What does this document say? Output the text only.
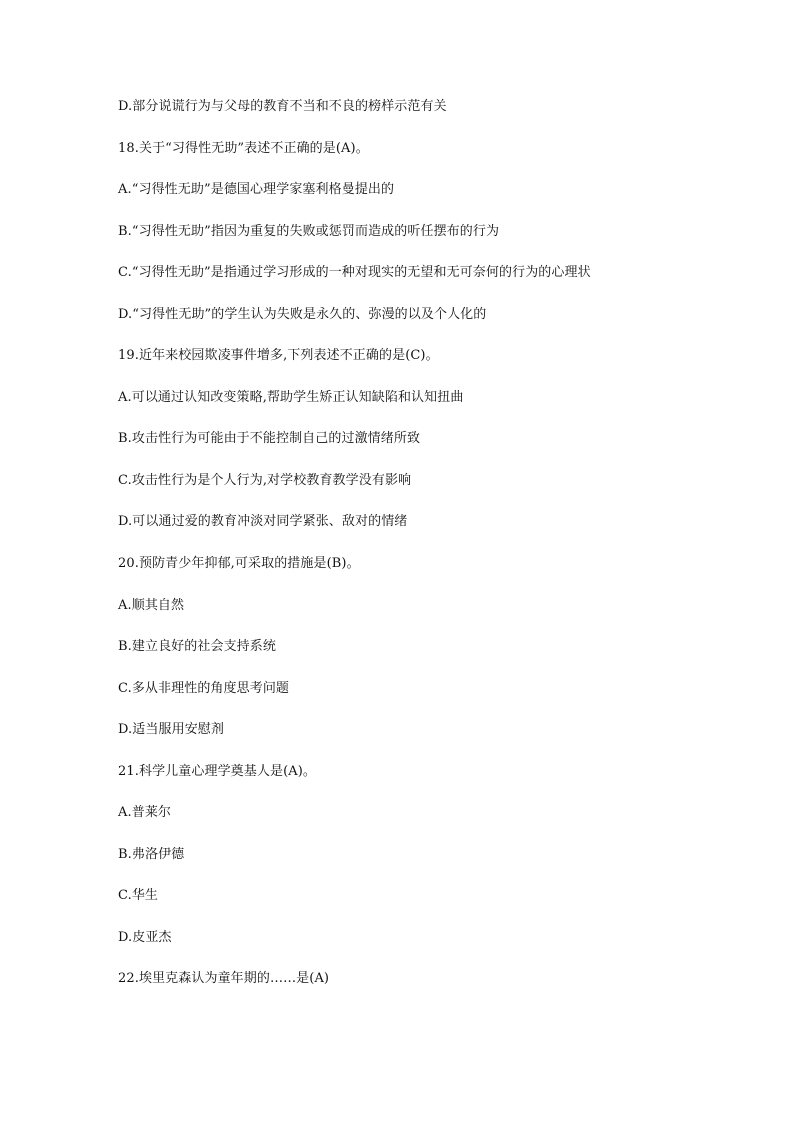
D.部分说谎行为与父母的教育不当和不良的榜样示范有关
18.关于“习得性无助”表述不正确的是(A)。
A.“习得性无助”是德国心理学家塞利格曼提出的
B.“习得性无助”指因为重复的失败或惩罚而造成的听任摆布的行为
C.“习得性无助”是指通过学习形成的一种对现实的无望和无可奈何的行为的心理状
D.“习得性无助”的学生认为失败是永久的、弥漫的以及个人化的
19.近年来校园欺凌事件增多,下列表述不正确的是(C)。
A.可以通过认知改变策略,帮助学生矫正认知缺陷和认知扭曲
B.攻击性行为可能由于不能控制自己的过激情绪所致
C.攻击性行为是个人行为,对学校教育教学没有影响
D.可以通过爱的教育冲淡对同学紧张、敌对的情绪
20.预防青少年抑郁,可采取的措施是(B)。
A.顺其自然
B.建立良好的社会支持系统
C.多从非理性的角度思考问题
D.适当服用安慰剂
21.科学儿童心理学奠基人是(A)。
A.普莱尔
B.弗洛伊德
C.华生
D.皮亚杰
22.埃里克森认为童年期的……是(A)
